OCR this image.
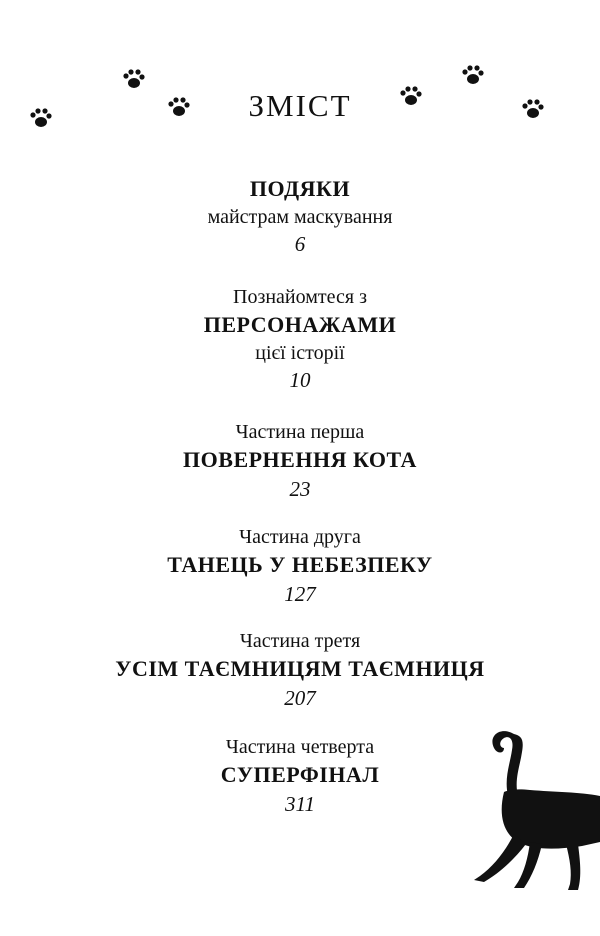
ЗМІСТ
ПОДЯКИ
майстрам маскування
6
Познайомтеся з
ПЕРСОНАЖАМИ
цієї історії
10
Частина перша
ПОВЕРНЕННЯ КОТА
23
Частина друга
ТАНЕЦЬ У НЕБЕЗПЕКУ
127
Частина третя
УСІМ ТАЄМНИЦЯМ ТАЄМНИЦЯ
207
Частина четверта
СУПЕРФІНАЛ
311
